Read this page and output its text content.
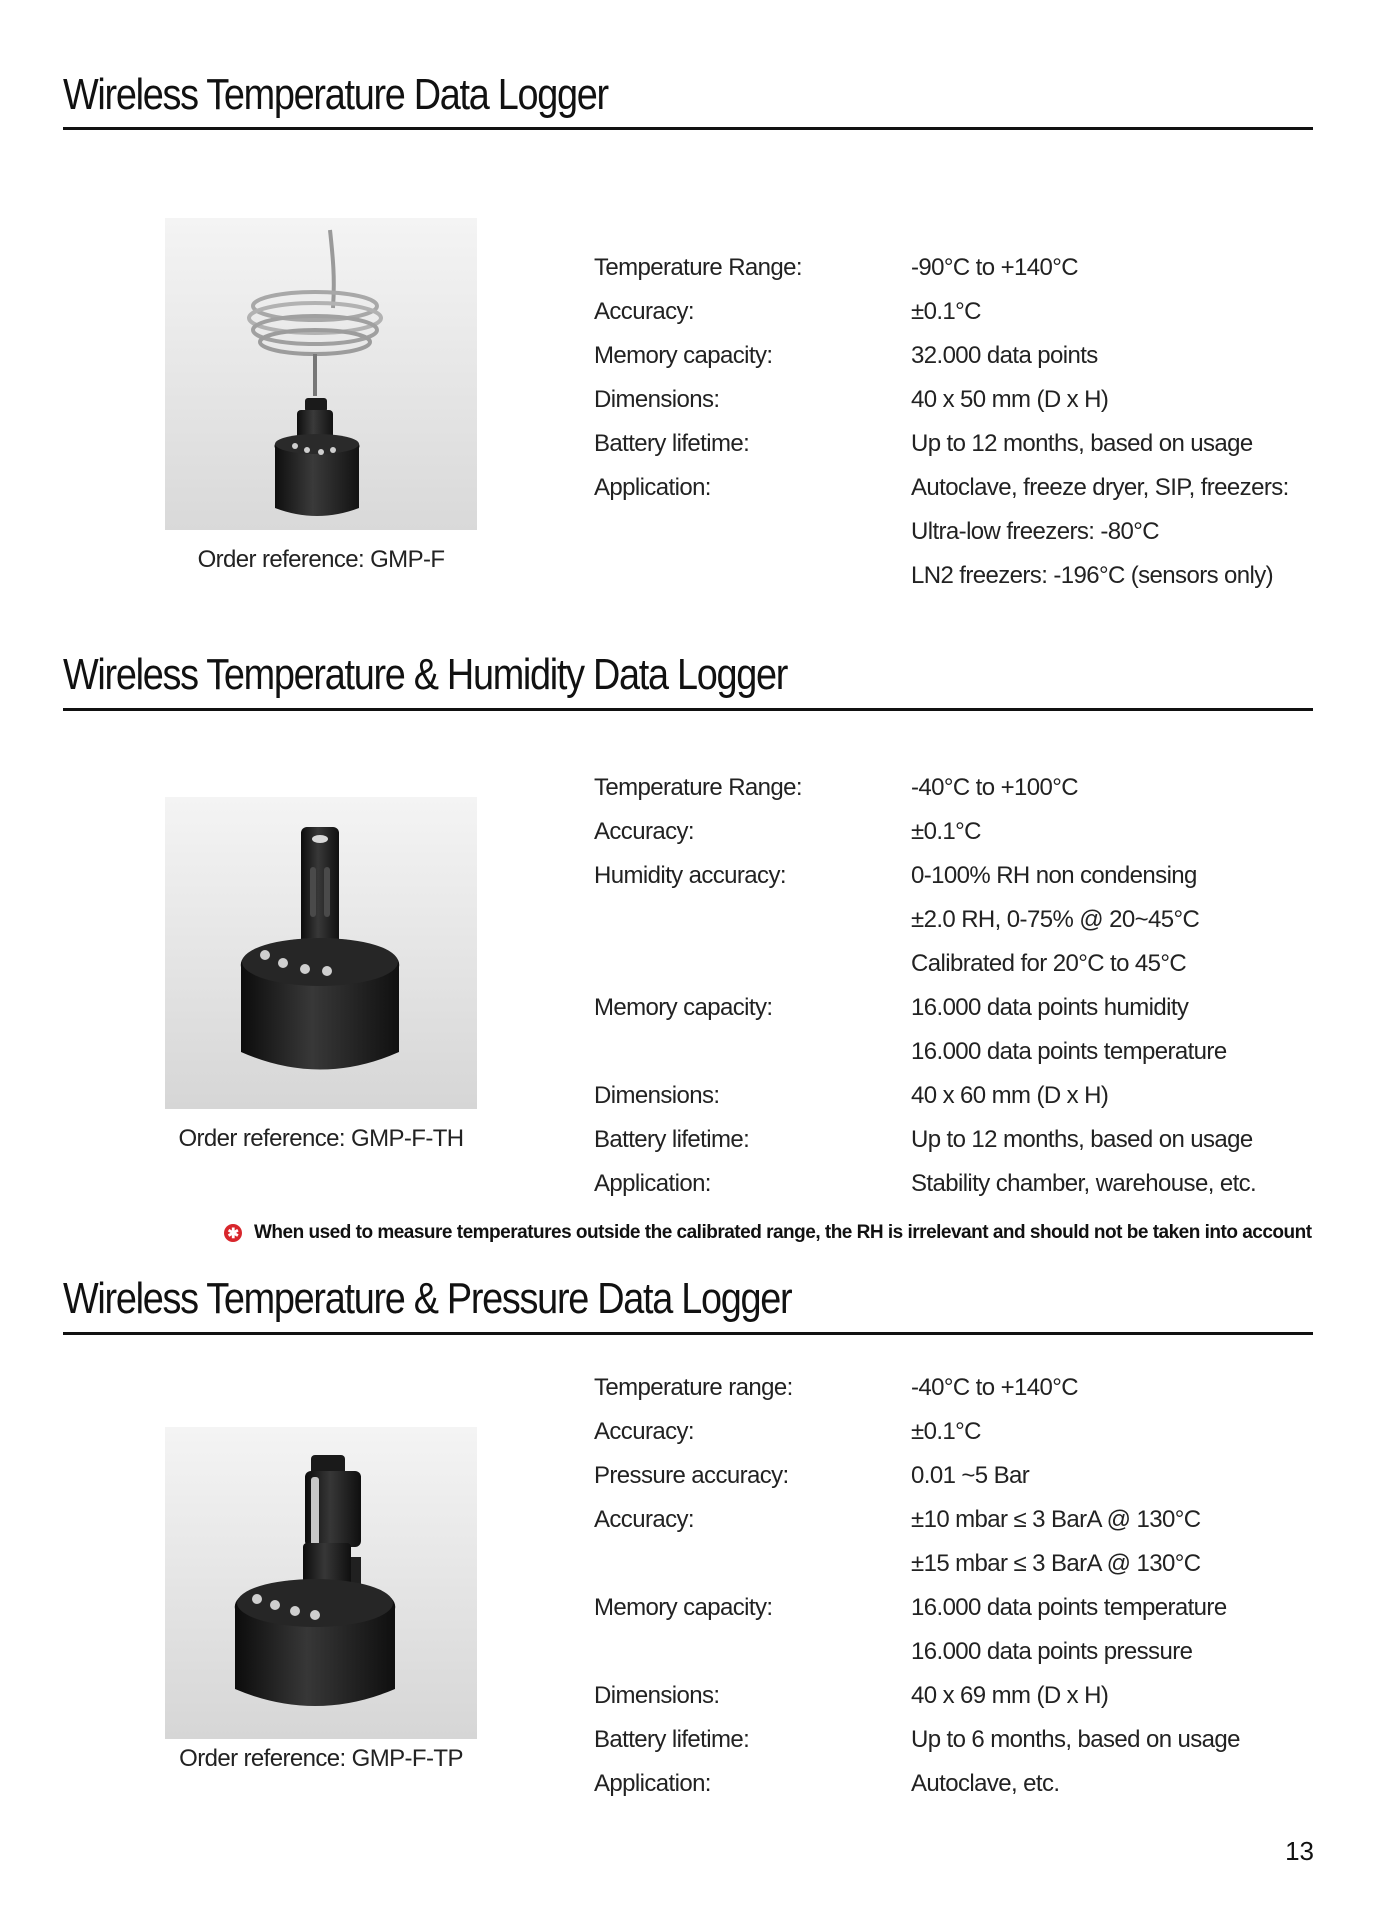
Wireless Temperature Data Logger
Order reference: GMP-F
Temperature Range:	-90°C to +140°C
Accuracy:	±0.1°C
Memory capacity:	32.000 data points
Dimensions:	40 x 50 mm (D x H)
Battery lifetime:	Up to 12 months, based on usage
Application:	Autoclave, freeze dryer, SIP, freezers:
Ultra-low freezers: -80°C
LN2 freezers: -196°C (sensors only)
Wireless Temperature & Humidity Data Logger
Order reference: GMP-F-TH
Temperature Range:	-40°C to +100°C
Accuracy:	±0.1°C
Humidity accuracy:	0-100% RH non condensing
±2.0 RH, 0-75% @ 20~45°C
Calibrated for 20°C to 45°C
Memory capacity:	16.000 data points humidity
16.000 data points temperature
Dimensions:	40 x 60 mm (D x H)
Battery lifetime:	Up to 12 months, based on usage
Application:	Stability chamber, warehouse, etc.
✱ When used to measure temperatures outside the calibrated range, the RH is irrelevant and should not be taken into account
Wireless Temperature & Pressure Data Logger
Order reference: GMP-F-TP
Temperature range:	-40°C to +140°C
Accuracy:	±0.1°C
Pressure accuracy:	0.01 ~5 Bar
Accuracy:	±10 mbar ≤ 3 BarA @ 130°C
±15 mbar ≤ 3 BarA @ 130°C
Memory capacity:	16.000 data points temperature
16.000 data points pressure
Dimensions:	40 x 69 mm (D x H)
Battery lifetime:	Up to 6 months, based on usage
Application:	Autoclave, etc.
13
